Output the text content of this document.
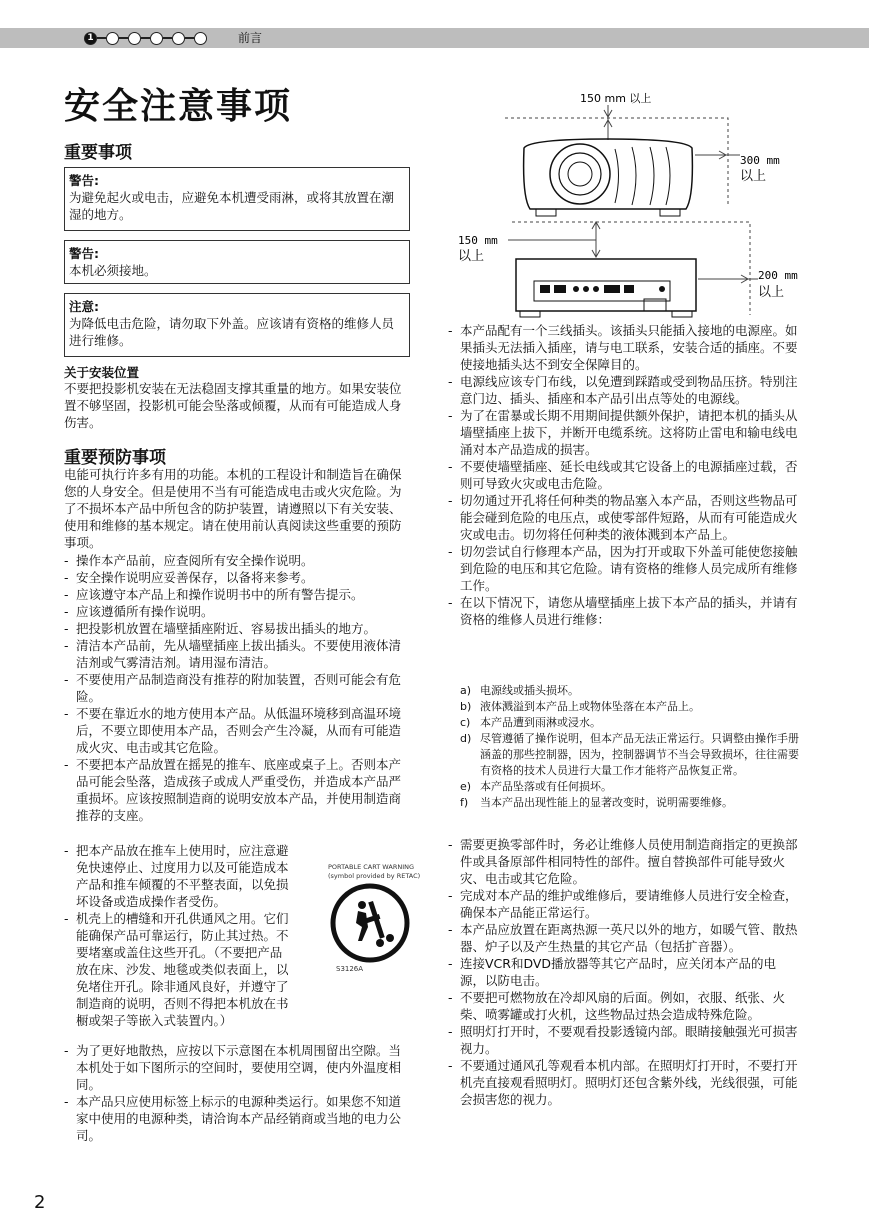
1	前言
安全注意事项
重要事项
警告:
为避免起火或电击，应避免本机遭受雨淋，或将其放置在潮湿的地方。
警告:
本机必须接地。
注意:
为降低电击危险，请勿取下外盖。应该请有资格的维修人员进行维修。
关于安装位置
不要把投影机安装在无法稳固支撑其重量的地方。如果安装位置不够坚固，投影机可能会坠落或倾覆，从而有可能造成人身伤害。
重要预防事项
电能可执行许多有用的功能。本机的工程设计和制造旨在确保您的人身安全。但是使用不当有可能造成电击或火灾危险。为了不损坏本产品中所包含的防护装置，请遵照以下有关安装、使用和维修的基本规定。请在使用前认真阅读这些重要的预防事项。
- 操作本产品前，应查阅所有安全操作说明。
- 安全操作说明应妥善保存，以备将来参考。
- 应该遵守本产品上和操作说明书中的所有警告提示。
- 应该遵循所有操作说明。
- 把投影机放置在墙壁插座附近、容易拔出插头的地方。
- 清洁本产品前，先从墙壁插座上拔出插头。不要使用液体清洁剂或气雾清洁剂。请用湿布清洁。
- 不要使用产品制造商没有推荐的附加装置，否则可能会有危险。
- 不要在靠近水的地方使用本产品。从低温环境移到高温环境后，不要立即使用本产品，否则会产生冷凝，从而有可能造成火灾、电击或其它危险。
- 不要把本产品放置在摇晃的推车、底座或桌子上。否则本产品可能会坠落，造成孩子或成人严重受伤，并造成本产品严重损坏。应该按照制造商的说明安放本产品，并使用制造商推荐的支座。
- 把本产品放在推车上使用时，应注意避
免快速停止、过度用力以及可能造成本
产品和推车倾覆的不平整表面，以免损
坏设备或造成操作者受伤。
- 机壳上的槽缝和开孔供通风之用。它们
能确保产品可靠运行，防止其过热。不
要堵塞或盖住这些开孔。（不要把产品
放在床、沙发、地毯或类似表面上，以
免堵住开孔。除非通风良好，并遵守了
制造商的说明，否则不得把本机放在书
橱或架子等嵌入式装置内。）
PORTABLE CART WARNING
(symbol provided by RETAC)
S3126A
- 为了更好地散热，应按以下示意图在本机周围留出空隙。当本机处于如下图所示的空间时，要使用空调，使内外温度相同。
- 本产品只应使用标签上标示的电源种类运行。如果您不知道家中使用的电源种类，请洽询本产品经销商或当地的电力公司。
2
150 mm 以上
300 mm
以上
150 mm
以上
200 mm
以上
- 本产品配有一个三线插头。该插头只能插入接地的电源座。如果插头无法插入插座，请与电工联系，安装合适的插座。不要使接地插头达不到安全保障目的。
- 电源线应该专门布线，以免遭到踩踏或受到物品压挤。特别注意门边、插头、插座和本产品引出点等处的电源线。
- 为了在雷暴或长期不用期间提供额外保护，请把本机的插头从墙壁插座上拔下，并断开电缆系统。这将防止雷电和输电线电涌对本产品造成的损害。
- 不要使墙壁插座、延长电线或其它设备上的电源插座过载，否则可导致火灾或电击危险。
- 切勿通过开孔将任何种类的物品塞入本产品，否则这些物品可能会碰到危险的电压点，或使零部件短路，从而有可能造成火灾或电击。切勿将任何种类的液体溅到本产品上。
- 切勿尝试自行修理本产品，因为打开或取下外盖可能使您接触到危险的电压和其它危险。请有资格的维修人员完成所有维修工作。
- 在以下情况下，请您从墙壁插座上拔下本产品的插头，并请有资格的维修人员进行维修：
a) 电源线或插头损坏。
b) 液体溅溢到本产品上或物体坠落在本产品上。
c) 本产品遭到雨淋或浸水。
d) 尽管遵循了操作说明，但本产品无法正常运行。只调整由操作手册涵盖的那些控制器，因为，控制器调节不当会导致损坏，往往需要有资格的技术人员进行大量工作才能将产品恢复正常。
e) 本产品坠落或有任何损坏。
f) 当本产品出现性能上的显著改变时，说明需要维修。
- 需要更换零部件时，务必让维修人员使用制造商指定的更换部件或具备原部件相同特性的部件。擅自替换部件可能导致火灾、电击或其它危险。
- 完成对本产品的维护或维修后，要请维修人员进行安全检查，确保本产品能正常运行。
- 本产品应放置在距离热源一英尺以外的地方，如暖气管、散热器、炉子以及产生热量的其它产品（包括扩音器）。
- 连接VCR和DVD播放器等其它产品时，应关闭本产品的电源，以防电击。
- 不要把可燃物放在冷却风扇的后面。例如，衣服、纸张、火柴、喷雾罐或打火机，这些物品过热会造成特殊危险。
- 照明灯打开时，不要观看投影透镜内部。眼睛接触强光可损害视力。
- 不要通过通风孔等观看本机内部。在照明灯打开时，不要打开机壳直接观看照明灯。照明灯还包含紫外线，光线很强，可能会损害您的视力。
